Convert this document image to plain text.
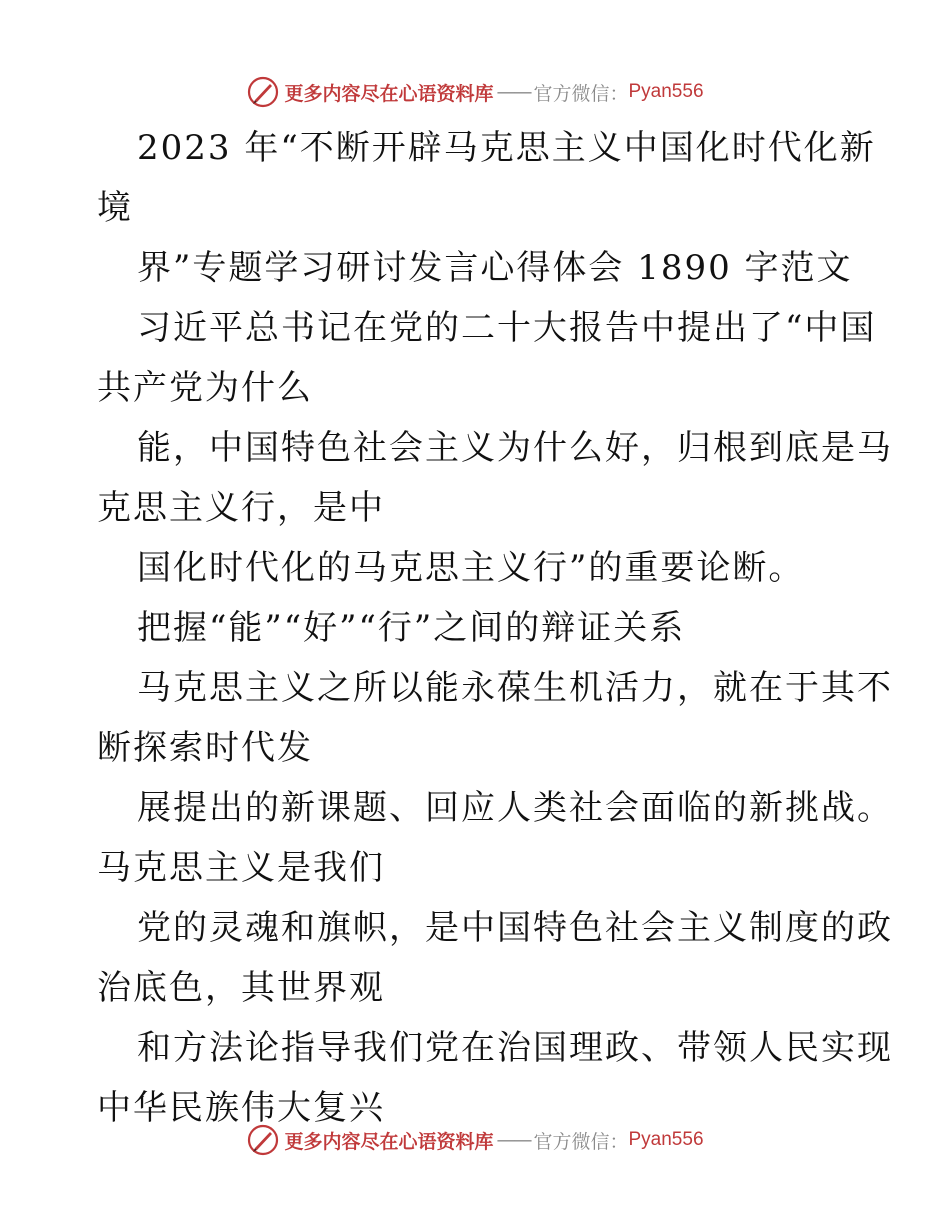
更多内容尽在心语资料库 —— 官方微信： Pyan556
2023 年“不断开辟马克思主义中国化时代化新
境
界”专题学习研讨发言心得体会 1890 字范文
习近平总书记在党的二十大报告中提出了“中国
共产党为什么
能，中国特色社会主义为什么好，归根到底是马
克思主义行，是中
国化时代化的马克思主义行”的重要论断。
把握“能”“好”“行”之间的辩证关系
马克思主义之所以能永葆生机活力，就在于其不
断探索时代发
展提出的新课题、回应人类社会面临的新挑战。
马克思主义是我们
党的灵魂和旗帜，是中国特色社会主义制度的政
治底色，其世界观
和方法论指导我们党在治国理政、带领人民实现
中华民族伟大复兴
更多内容尽在心语资料库 —— 官方微信： Pyan556
